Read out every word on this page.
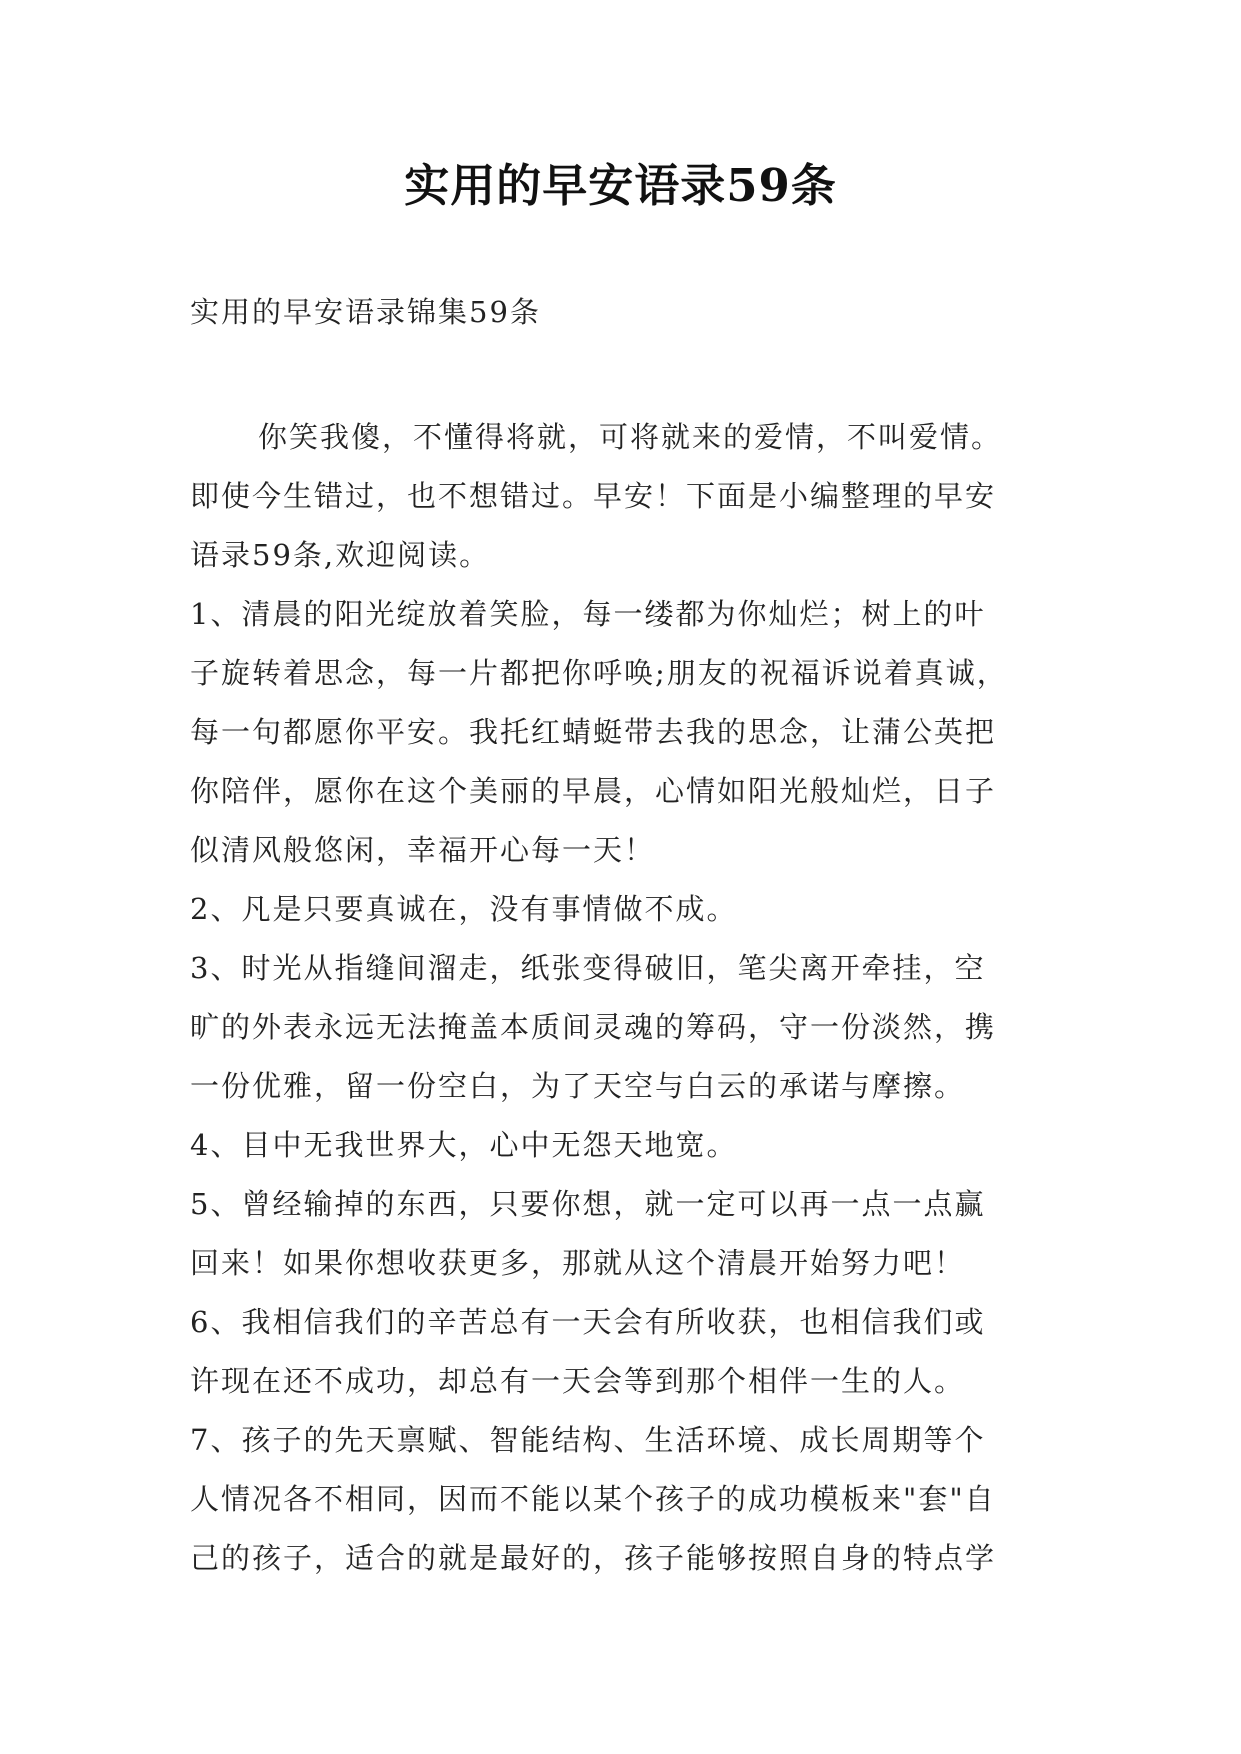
实用的早安语录59条
实用的早安语录锦集59条
你笑我傻，不懂得将就，可将就来的爱情，不叫爱情。
即使今生错过，也不想错过。早安！下面是小编整理的早安
语录59条,欢迎阅读。
1、清晨的阳光绽放着笑脸，每一缕都为你灿烂；树上的叶
子旋转着思念，每一片都把你呼唤;朋友的祝福诉说着真诚，
每一句都愿你平安。我托红蜻蜓带去我的思念，让蒲公英把
你陪伴，愿你在这个美丽的早晨，心情如阳光般灿烂，日子
似清风般悠闲，幸福开心每一天！
2、凡是只要真诚在，没有事情做不成。
3、时光从指缝间溜走，纸张变得破旧，笔尖离开牵挂，空
旷的外表永远无法掩盖本质间灵魂的筹码，守一份淡然，携
一份优雅，留一份空白，为了天空与白云的承诺与摩擦。
4、目中无我世界大，心中无怨天地宽。
5、曾经输掉的东西，只要你想，就一定可以再一点一点赢
回来！如果你想收获更多，那就从这个清晨开始努力吧！
6、我相信我们的辛苦总有一天会有所收获，也相信我们或
许现在还不成功，却总有一天会等到那个相伴一生的人。
7、孩子的先天禀赋、智能结构、生活环境、成长周期等个
人情况各不相同，因而不能以某个孩子的成功模板来"套"自
己的孩子，适合的就是最好的，孩子能够按照自身的特点学
